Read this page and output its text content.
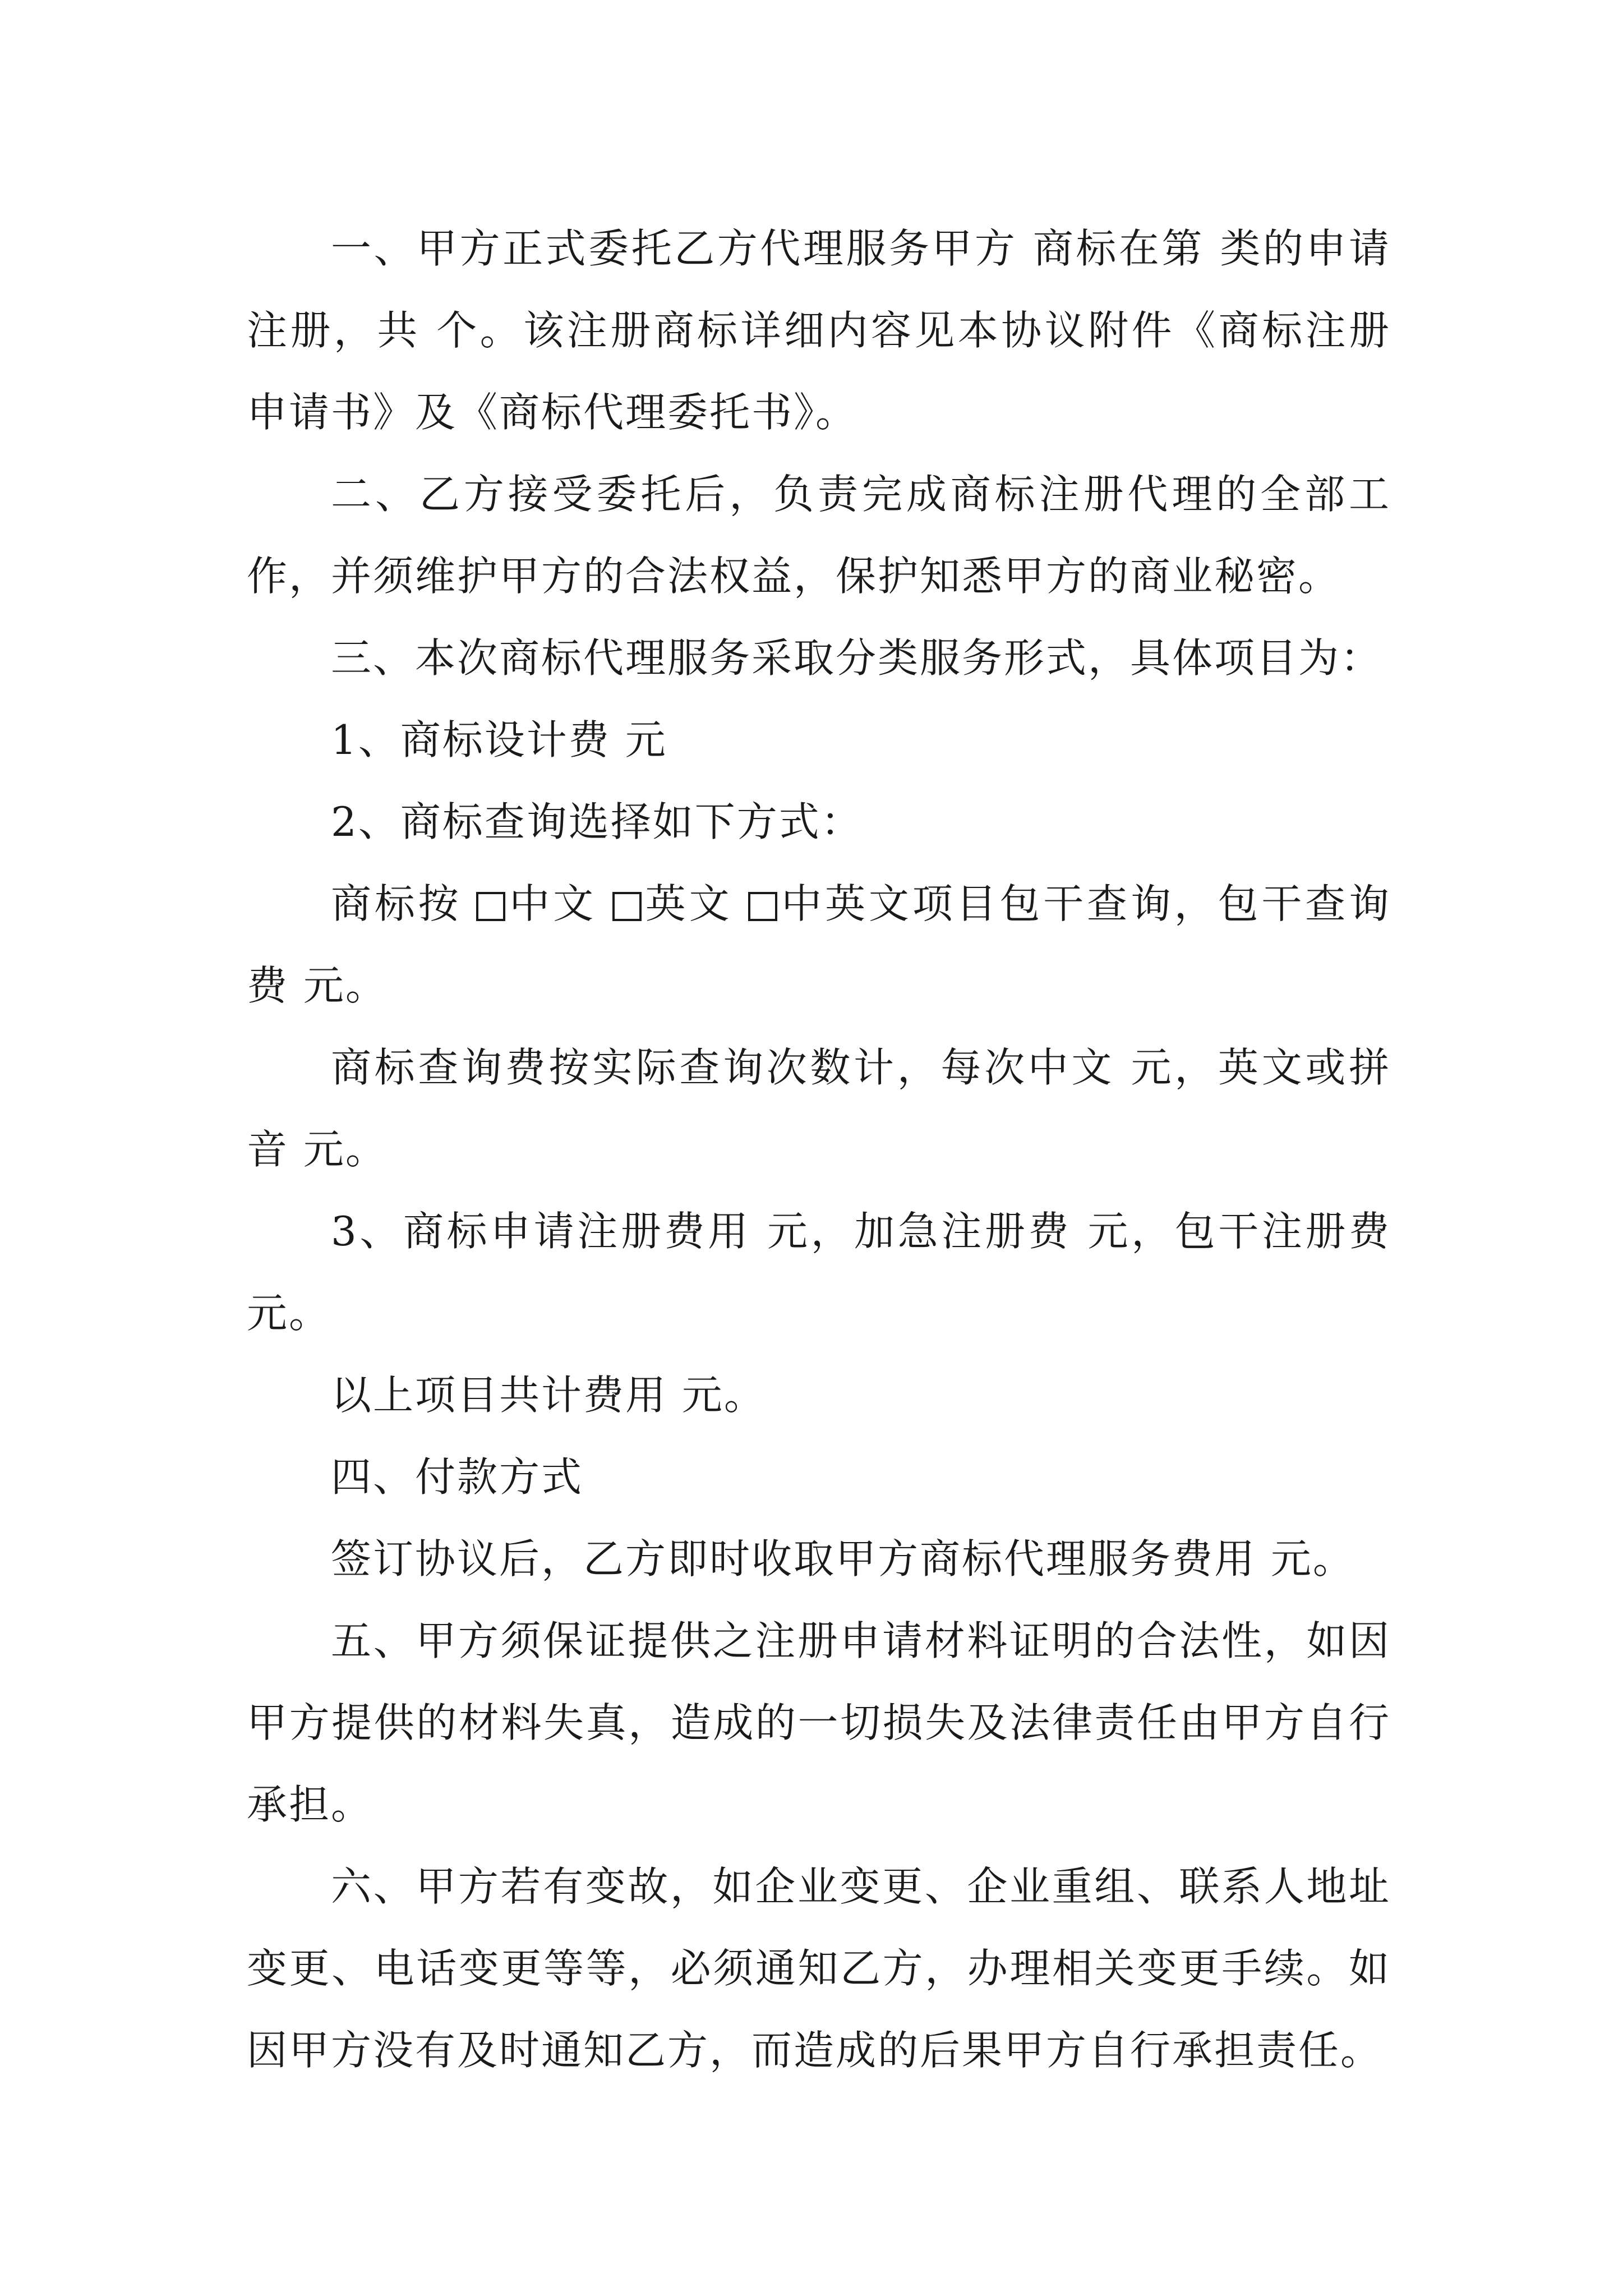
一、甲方正式委托乙方代理服务甲方 商标在第 类的申请注册，共 个。该注册商标详细内容见本协议附件《商标注册申请书》及《商标代理委托书》。

二、乙方接受委托后，负责完成商标注册代理的全部工作，并须维护甲方的合法权益，保护知悉甲方的商业秘密。

三、本次商标代理服务采取分类服务形式，具体项目为：

1、商标设计费 元

2、商标查询选择如下方式：

商标按 中文 英文 中英文项目包干查询，包干查询费 元。

商标查询费按实际查询次数计，每次中文 元，英文或拼音 元。

3、商标申请注册费用 元，加急注册费 元，包干注册费 元。

以上项目共计费用 元。

四、付款方式

签订协议后，乙方即时收取甲方商标代理服务费用 元。

五、甲方须保证提供之注册申请材料证明的合法性，如因甲方提供的材料失真，造成的一切损失及法律责任由甲方自行承担。

六、甲方若有变故，如企业变更、企业重组、联系人地址变更、电话变更等等，必须通知乙方，办理相关变更手续。如因甲方没有及时通知乙方，而造成的后果甲方自行承担责任。
